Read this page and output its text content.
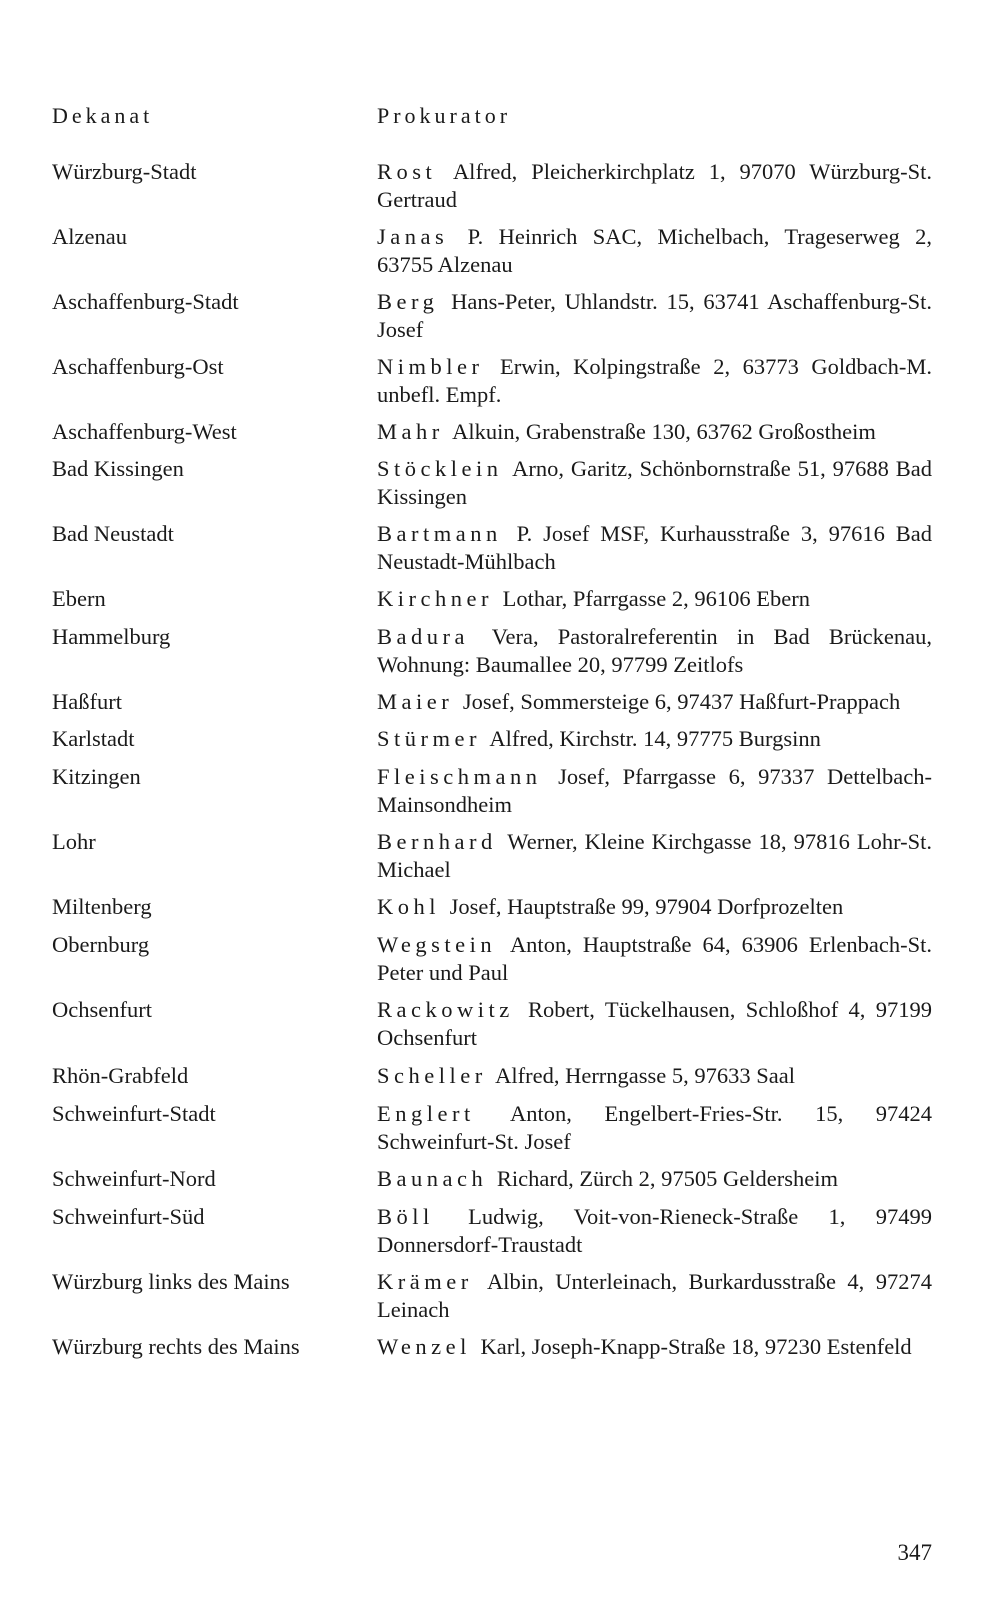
Dekanat	Prokurator
Würzburg-Stadt	Rost Alfred, Pleicherkirchplatz 1, 97070 Würzburg-St. Gertraud
Alzenau	Janas P. Heinrich SAC, Michelbach, Trageserweg 2, 63755 Alzenau
Aschaffenburg-Stadt	Berg Hans-Peter, Uhlandstr. 15, 63741 Aschaffenburg-St. Josef
Aschaffenburg-Ost	Nimbler Erwin, Kolpingstraße 2, 63773 Goldbach-M. unbefl. Empf.
Aschaffenburg-West	Mahr Alkuin, Grabenstraße 130, 63762 Großostheim
Bad Kissingen	Stöcklein Arno, Garitz, Schönbornstraße 51, 97688 Bad Kissingen
Bad Neustadt	Bartmann P. Josef MSF, Kurhausstraße 3, 97616 Bad Neustadt-Mühlbach
Ebern	Kirchner Lothar, Pfarrgasse 2, 96106 Ebern
Hammelburg	Badura Vera, Pastoralreferentin in Bad Brückenau, Wohnung: Baumallee 20, 97799 Zeitlofs
Haßfurt	Maier Josef, Sommersteige 6, 97437 Haßfurt-Prappach
Karlstadt	Stürmer Alfred, Kirchstr. 14, 97775 Burgsinn
Kitzingen	Fleischmann Josef, Pfarrgasse 6, 97337 Dettelbach-Mainsondheim
Lohr	Bernhard Werner, Kleine Kirchgasse 18, 97816 Lohr-St. Michael
Miltenberg	Kohl Josef, Hauptstraße 99, 97904 Dorfprozelten
Obernburg	Wegstein Anton, Hauptstraße 64, 63906 Erlenbach-St. Peter und Paul
Ochsenfurt	Rackowitz Robert, Tückelhausen, Schloßhof 4, 97199 Ochsenfurt
Rhön-Grabfeld	Scheller Alfred, Herrngasse 5, 97633 Saal
Schweinfurt-Stadt	Englert Anton, Engelbert-Fries-Str. 15, 97424 Schweinfurt-St. Josef
Schweinfurt-Nord	Baunach Richard, Zürch 2, 97505 Geldersheim
Schweinfurt-Süd	Böll Ludwig, Voit-von-Rieneck-Straße 1, 97499 Donnersdorf-Traustadt
Würzburg links des Mains	Krämer Albin, Unterleinach, Burkardusstraße 4, 97274 Leinach
Würzburg rechts des Mains	Wenzel Karl, Joseph-Knapp-Straße 18, 97230 Estenfeld
347
